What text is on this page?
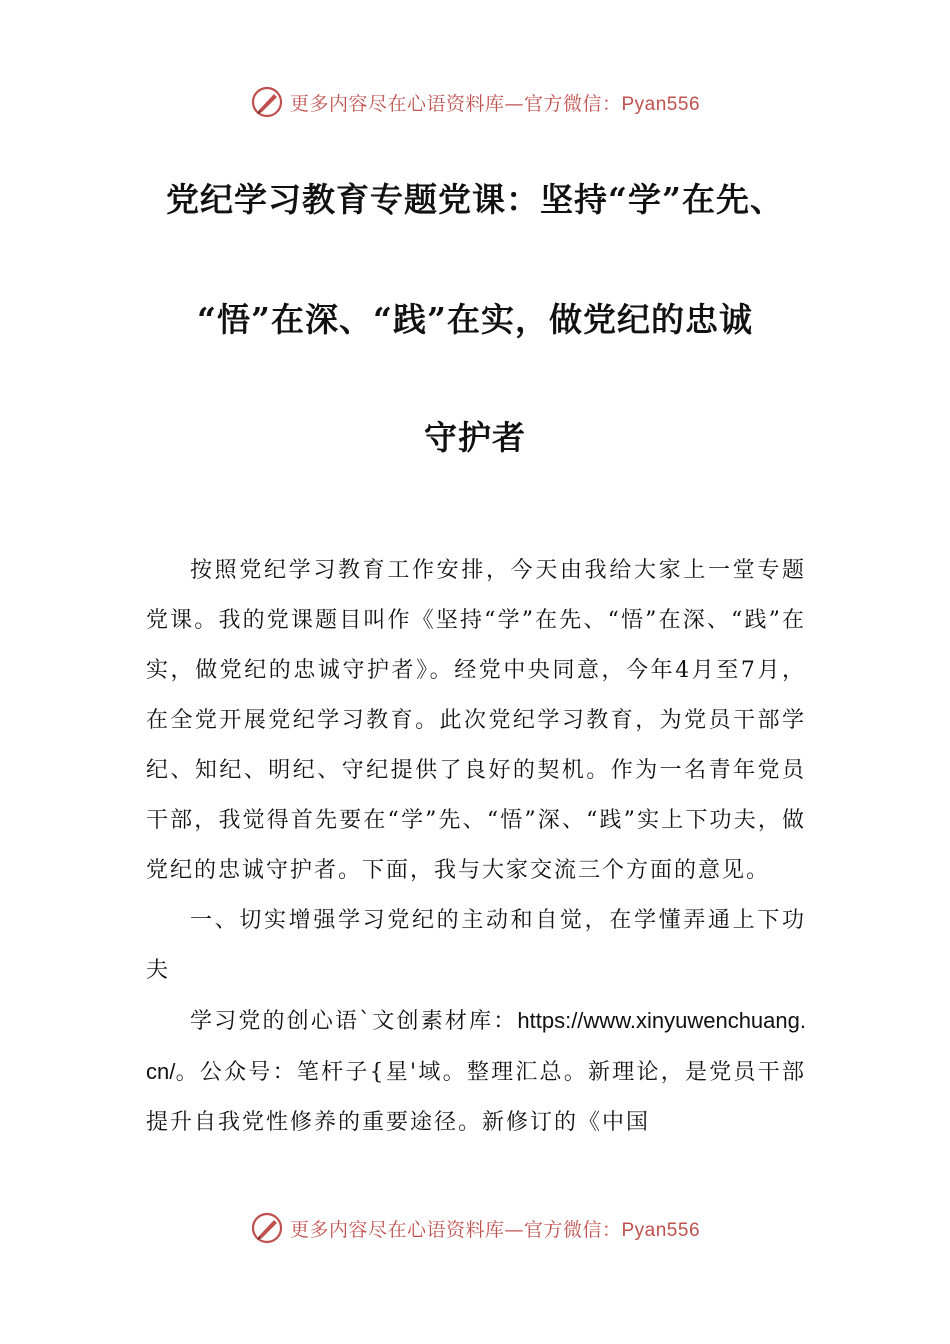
更多内容尽在心语资料库—官方微信：Pyan556
党纪学习教育专题党课：坚持“学”在先、
“悟”在深、“践”在实，做党纪的忠诚
守护者

按照党纪学习教育工作安排，今天由我给大家上一堂专题党课。我的党课题目叫作《坚持“学”在先、“悟”在深、“践”在实，做党纪的忠诚守护者》。经党中央同意，今年4月至7月，在全党开展党纪学习教育。此次党纪学习教育，为党员干部学纪、知纪、明纪、守纪提供了良好的契机。作为一名青年党员干部，我觉得首先要在“学”先、“悟”深、“践”实上下功夫，做党纪的忠诚守护者。下面，我与大家交流三个方面的意见。

一、切实增强学习党纪的主动和自觉，在学懂弄通上下功夫

学习党的创心语`文创素材库：https://www.xinyuwenchuang.cn/。公众号：笔杆子{星'域。整理汇总。新理论，是党员干部提升自我党性修养的重要途径。新修订的《中国

更多内容尽在心语资料库—官方微信：Pyan556
